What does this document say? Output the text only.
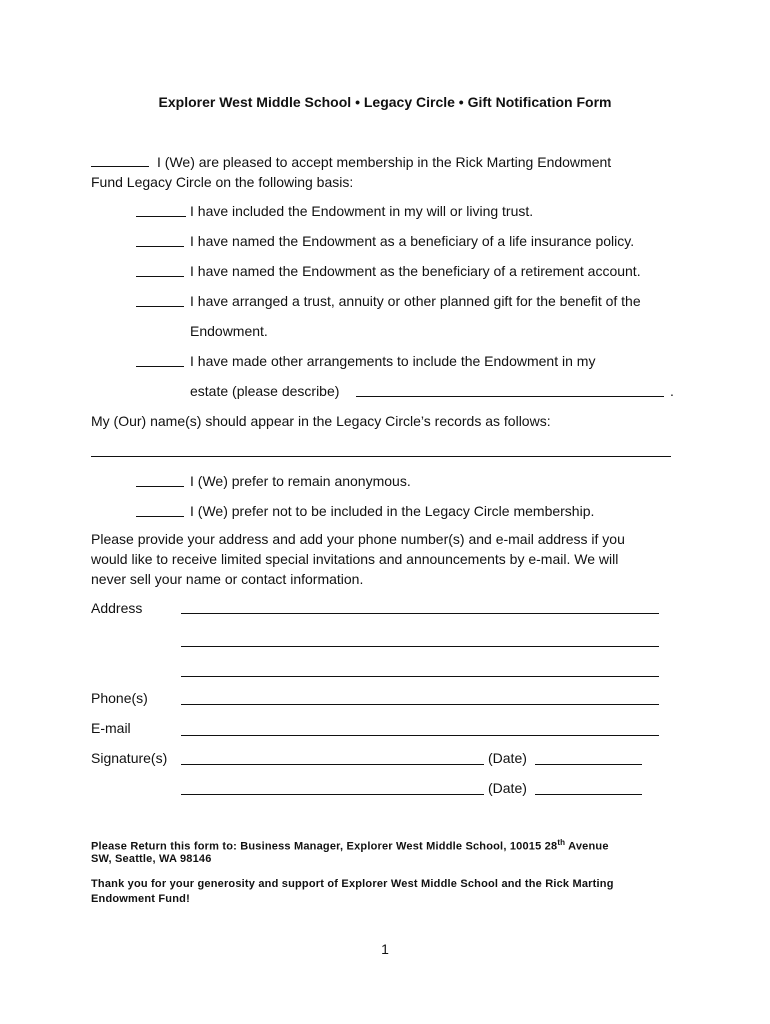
Explorer West Middle School • Legacy Circle • Gift Notification Form
I (We) are pleased to accept membership in the Rick Marting Endowment
Fund Legacy Circle on the following basis:
I have included the Endowment in my will or living trust.
I have named the Endowment as a beneficiary of a life insurance policy.
I have named the Endowment as the beneficiary of a retirement account.
I have arranged a trust, annuity or other planned gift for the benefit of the
Endowment.
I have made other arrangements to include the Endowment in my
estate (please describe)	.
My (Our) name(s) should appear in the Legacy Circle’s records as follows:
I (We) prefer to remain anonymous.
I (We) prefer not to be included in the Legacy Circle membership.
Please provide your address and add your phone number(s) and e-mail address if you
would like to receive limited special invitations and announcements by e-mail. We will
never sell your name or contact information.
Address
Phone(s)
E-mail
Signature(s)	(Date)
(Date)
Please Return this form to: Business Manager, Explorer West Middle School, 10015 28th Avenue
SW, Seattle, WA 98146
Thank you for your generosity and support of Explorer West Middle School and the Rick Marting
Endowment Fund!
1
